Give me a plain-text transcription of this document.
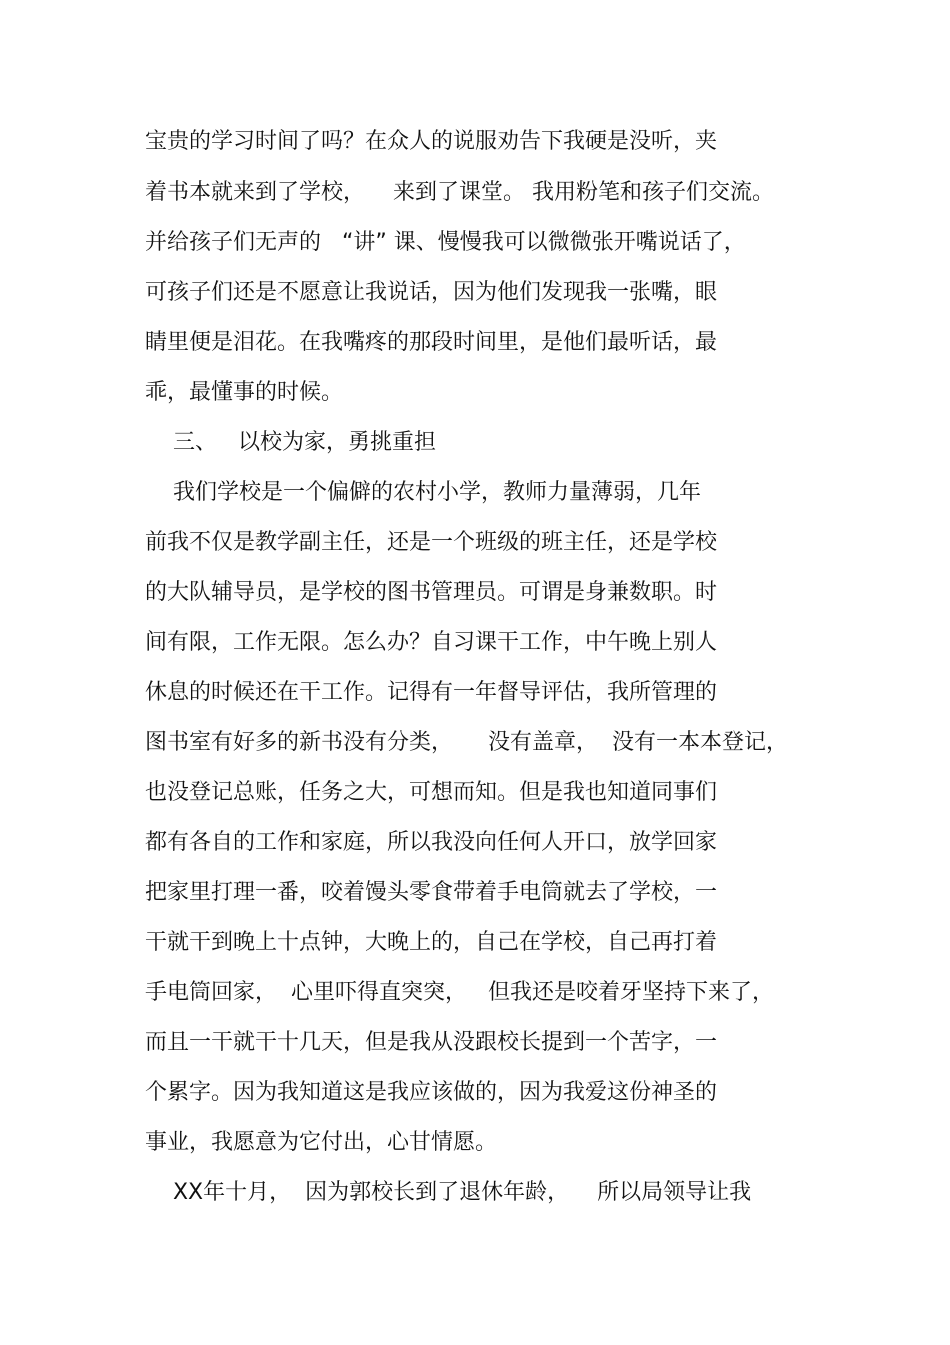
宝贵的学习时间了吗？在众人的说服劝告下我硬是没听，夹
着书本就来到了学校，    来到了课堂。 我用粉笔和孩子们交流。
并给孩子们无声的   “讲” 课、慢慢我可以微微张开嘴说话了，
可孩子们还是不愿意让我说话，因为他们发现我一张嘴，眼
睛里便是泪花。在我嘴疼的那段时间里，是他们最听话，最
乖，最懂事的时候。
三、   以校为家，勇挑重担
我们学校是一个偏僻的农村小学，教师力量薄弱，几年
前我不仅是教学副主任，还是一个班级的班主任，还是学校
的大队辅导员，是学校的图书管理员。可谓是身兼数职。时
间有限，工作无限。怎么办？自习课干工作，中午晚上别人
休息的时候还在干工作。记得有一年督导评估，我所管理的
图书室有好多的新书没有分类，     没有盖章，  没有一本本登记，
也没登记总账，任务之大，可想而知。但是我也知道同事们
都有各自的工作和家庭，所以我没向任何人开口，放学回家
把家里打理一番，咬着馒头零食带着手电筒就去了学校，一
干就干到晚上十点钟，大晚上的，自己在学校，自己再打着
手电筒回家，  心里吓得直突突，   但我还是咬着牙坚持下来了，
而且一干就干十几天，但是我从没跟校长提到一个苦字，一
个累字。因为我知道这是我应该做的，因为我爱这份神圣的
事业，我愿意为它付出，心甘情愿。
XX年十月，  因为郭校长到了退休年龄，    所以局领导让我
